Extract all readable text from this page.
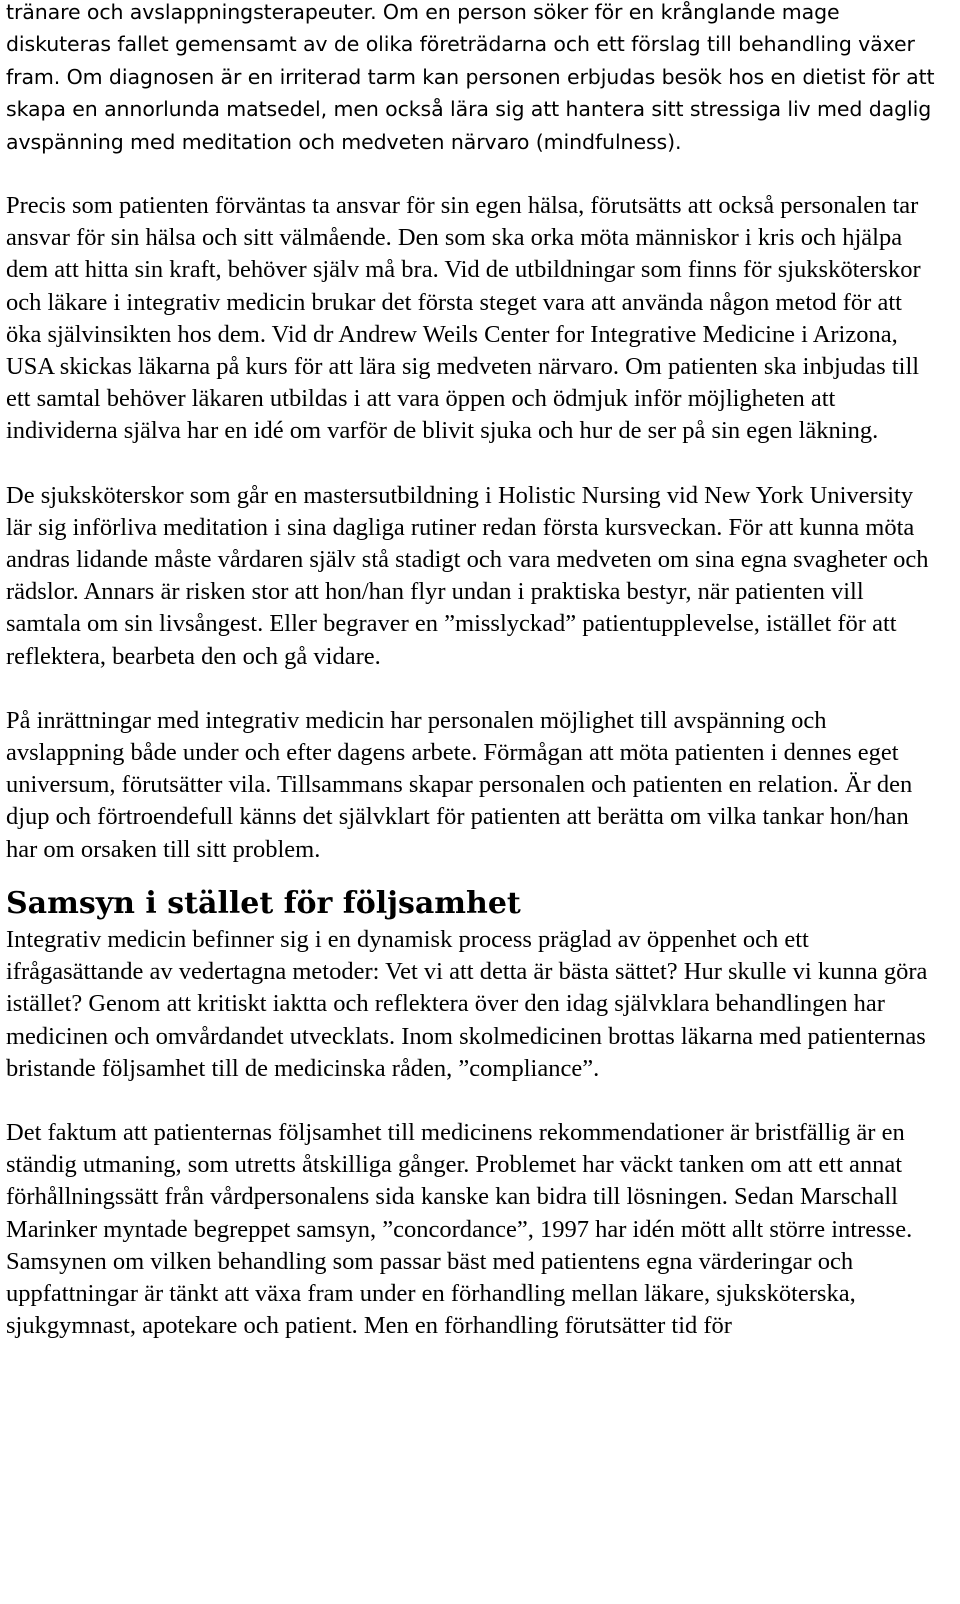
tränare och avslappningsterapeuter. Om en person söker för en krånglande mage diskuteras fallet gemensamt av de olika företrädarna och ett förslag till behandling växer fram. Om diagnosen är en irriterad tarm kan personen erbjudas besök hos en dietist för att skapa en annorlunda matsedel, men också lära sig att hantera sitt stressiga liv med daglig avspänning med meditation och medveten närvaro (mindfulness).

Precis som patienten förväntas ta ansvar för sin egen hälsa, förutsätts att också personalen tar ansvar för sin hälsa och sitt välmående. Den som ska orka möta människor i kris och hjälpa dem att hitta sin kraft, behöver själv må bra. Vid de utbildningar som finns för sjuksköterskor och läkare i integrativ medicin brukar det första steget vara att använda någon metod för att öka självinsikten hos dem. Vid dr Andrew Weils Center for Integrative Medicine i Arizona, USA skickas läkarna på kurs för att lära sig medveten närvaro. Om patienten ska inbjudas till ett samtal behöver läkaren utbildas i att vara öppen och ödmjuk inför möjligheten att individerna själva har en idé om varför de blivit sjuka och hur de ser på sin egen läkning.

De sjuksköterskor som går en mastersutbildning i Holistic Nursing vid New York University lär sig införliva meditation i sina dagliga rutiner redan första kursveckan. För att kunna möta andras lidande måste vårdaren själv stå stadigt och vara medveten om sina egna svagheter och rädslor. Annars är risken stor att hon/han flyr undan i praktiska bestyr, när patienten vill samtala om sin livsångest. Eller begraver en ”misslyckad” patientupplevelse, istället för att reflektera, bearbeta den och gå vidare.

På inrättningar med integrativ medicin har personalen möjlighet till avspänning och avslappning både under och efter dagens arbete. Förmågan att möta patienten i dennes eget universum, förutsätter vila. Tillsammans skapar personalen och patienten en relation. Är den djup och förtroendefull känns det självklart för patienten att berätta om vilka tankar hon/han har om orsaken till sitt problem.

Samsyn i stället för följsamhet

Integrativ medicin befinner sig i en dynamisk process präglad av öppenhet och ett ifrågasättande av vedertagna metoder: Vet vi att detta är bästa sättet? Hur skulle vi kunna göra istället? Genom att kritiskt iaktta och reflektera över den idag självklara behandlingen har medicinen och omvårdandet utvecklats. Inom skolmedicinen brottas läkarna med patienternas bristande följsamhet till de medicinska råden, ”compliance”.

Det faktum att patienternas följsamhet till medicinens rekommendationer är bristfällig är en ständig utmaning, som utretts åtskilliga gånger. Problemet har väckt tanken om att ett annat förhållningssätt från vårdpersonalens sida kanske kan bidra till lösningen. Sedan Marschall Marinker myntade begreppet samsyn, ”concordance”, 1997 har idén mött allt större intresse. Samsynen om vilken behandling som passar bäst med patientens egna värderingar och uppfattningar är tänkt att växa fram under en förhandling mellan läkare, sjuksköterska, sjukgymnast, apotekare och patient. Men en förhandling förutsätter tid för
